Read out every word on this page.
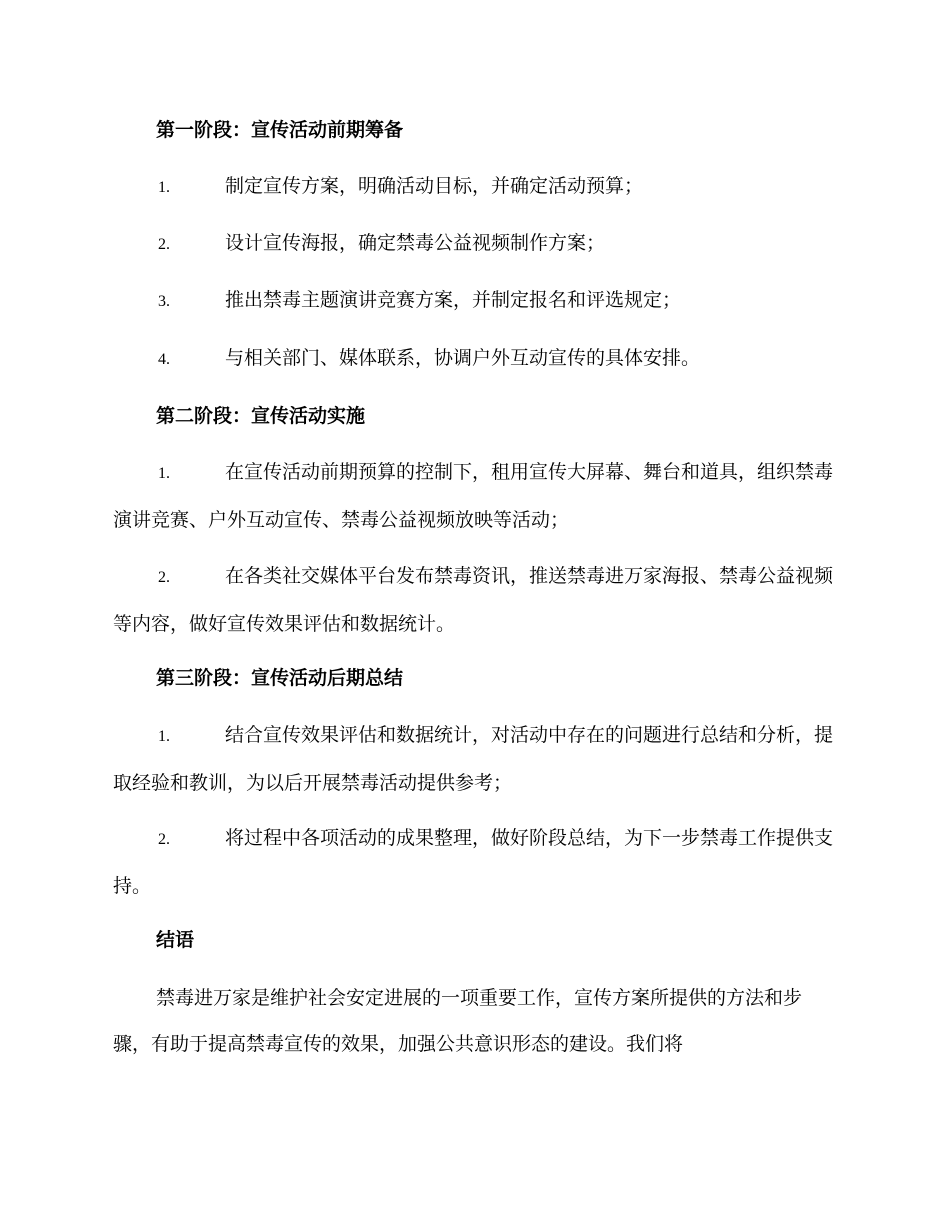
第一阶段：宣传活动前期筹备
1.	制定宣传方案，明确活动目标，并确定活动预算；
2.	设计宣传海报，确定禁毒公益视频制作方案；
3.	推出禁毒主题演讲竞赛方案，并制定报名和评选规定；
4.	与相关部门、媒体联系，协调户外互动宣传的具体安排。
第二阶段：宣传活动实施
1.	在宣传活动前期预算的控制下，租用宣传大屏幕、舞台和道具，组织禁毒演讲竞赛、户外互动宣传、禁毒公益视频放映等活动；
2.	在各类社交媒体平台发布禁毒资讯，推送禁毒进万家海报、禁毒公益视频等内容，做好宣传效果评估和数据统计。
第三阶段：宣传活动后期总结
1.	结合宣传效果评估和数据统计，对活动中存在的问题进行总结和分析，提取经验和教训，为以后开展禁毒活动提供参考；
2.	将过程中各项活动的成果整理，做好阶段总结，为下一步禁毒工作提供支持。
结语
禁毒进万家是维护社会安定进展的一项重要工作，宣传方案所提供的方法和步骤，有助于提高禁毒宣传的效果，加强公共意识形态的建设。我们将
